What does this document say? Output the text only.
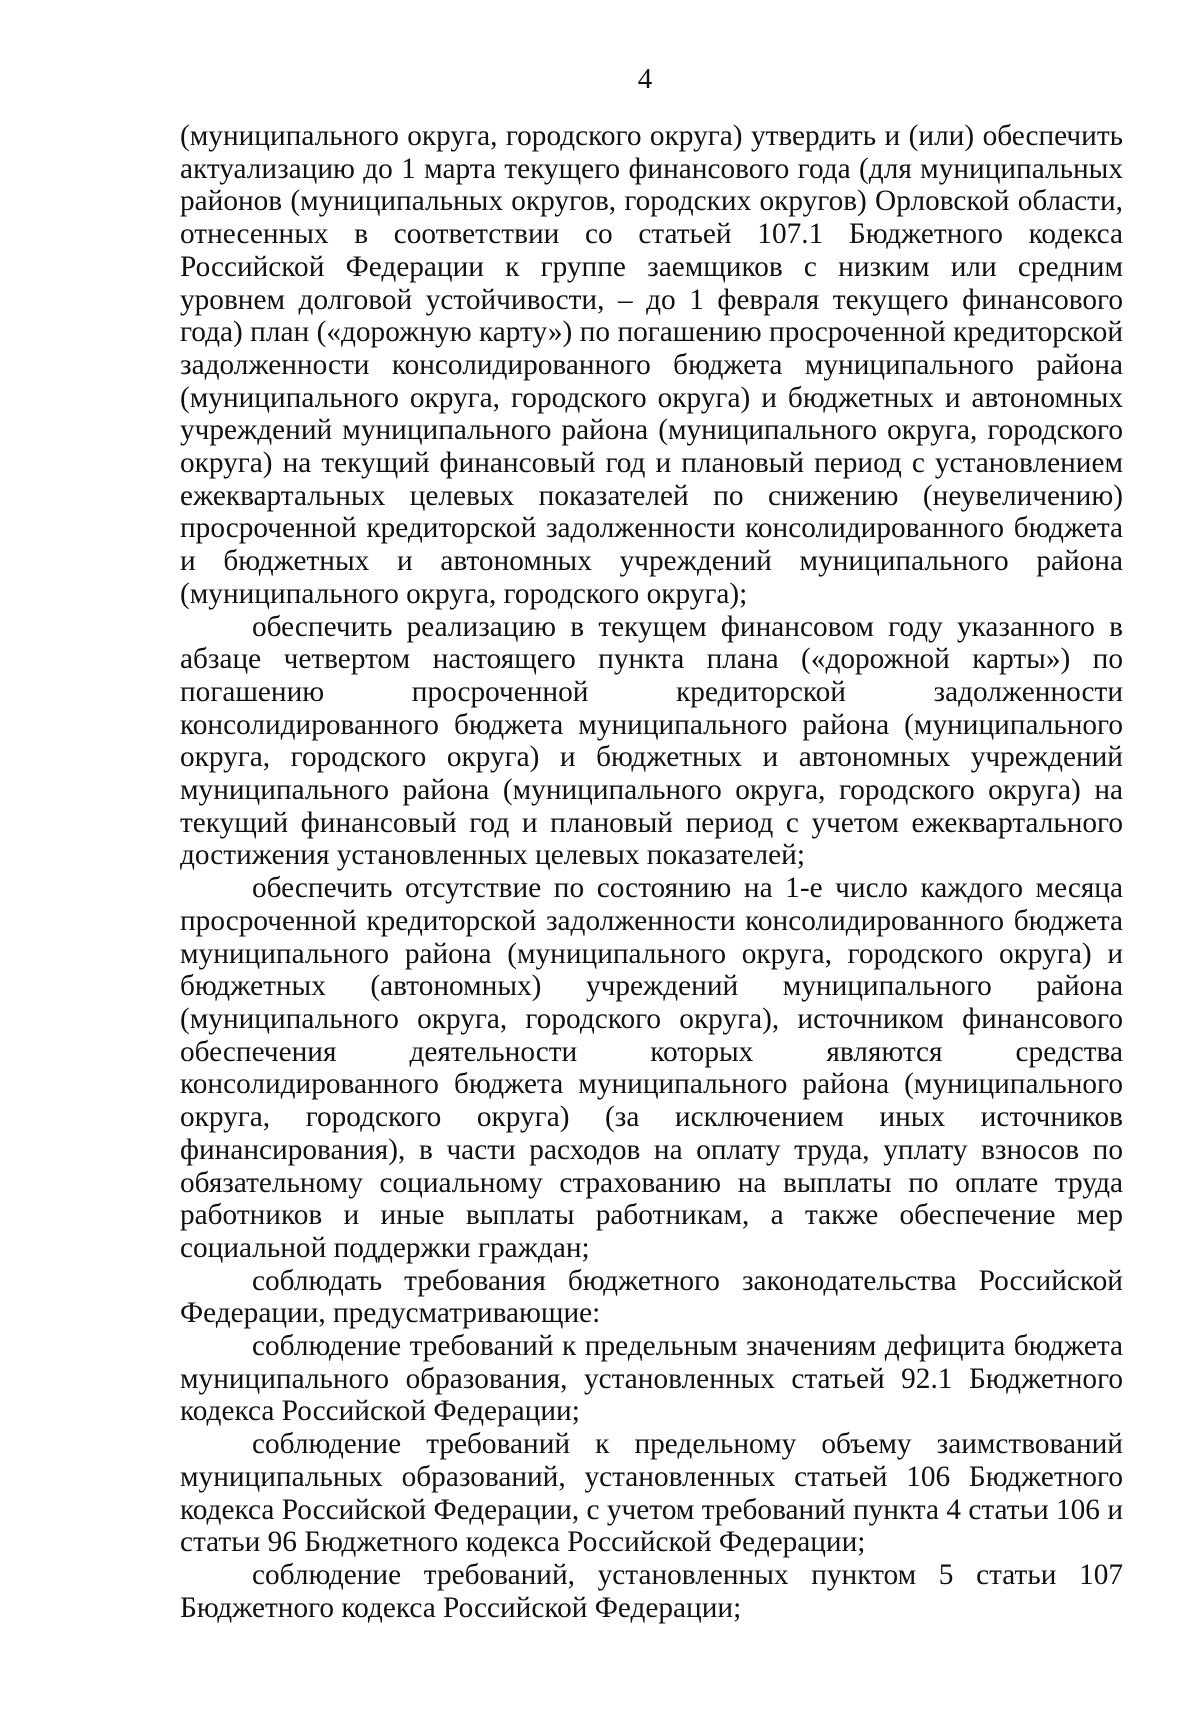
4

(муниципального округа, городского округа) утвердить и (или) обеспечить актуализацию до 1 марта текущего финансового года (для муниципальных районов (муниципальных округов, городских округов) Орловской области, отнесенных в соответствии со статьей 107.1 Бюджетного кодекса Российской Федерации к группе заемщиков с низким или средним уровнем долговой устойчивости, – до 1 февраля текущего финансового года) план («дорожную карту») по погашению просроченной кредиторской задолженности консолидированного бюджета муниципального района (муниципального округа, городского округа) и бюджетных и автономных учреждений муниципального района (муниципального округа, городского округа) на текущий финансовый год и плановый период с установлением ежеквартальных целевых показателей по снижению (неувеличению) просроченной кредиторской задолженности консолидированного бюджета и бюджетных и автономных учреждений муниципального района (муниципального округа, городского округа);

обеспечить реализацию в текущем финансовом году указанного в абзаце четвертом настоящего пункта плана («дорожной карты») по погашению просроченной кредиторской задолженности консолидированного бюджета муниципального района (муниципального округа, городского округа) и бюджетных и автономных учреждений муниципального района (муниципального округа, городского округа) на текущий финансовый год и плановый период с учетом ежеквартального достижения установленных целевых показателей;

обеспечить отсутствие по состоянию на 1-е число каждого месяца просроченной кредиторской задолженности консолидированного бюджета муниципального района (муниципального округа, городского округа) и бюджетных (автономных) учреждений муниципального района (муниципального округа, городского округа), источником финансового обеспечения деятельности которых являются средства консолидированного бюджета муниципального района (муниципального округа, городского округа) (за исключением иных источников финансирования), в части расходов на оплату труда, уплату взносов по обязательному социальному страхованию на выплаты по оплате труда работников и иные выплаты работникам, а также обеспечение мер социальной поддержки граждан;

соблюдать требования бюджетного законодательства Российской Федерации, предусматривающие:

соблюдение требований к предельным значениям дефицита бюджета муниципального образования, установленных статьей 92.1 Бюджетного кодекса Российской Федерации;

соблюдение требований к предельному объему заимствований муниципальных образований, установленных статьей 106 Бюджетного кодекса Российской Федерации, с учетом требований пункта 4 статьи 106 и статьи 96 Бюджетного кодекса Российской Федерации;

соблюдение требований, установленных пунктом 5 статьи 107 Бюджетного кодекса Российской Федерации;
